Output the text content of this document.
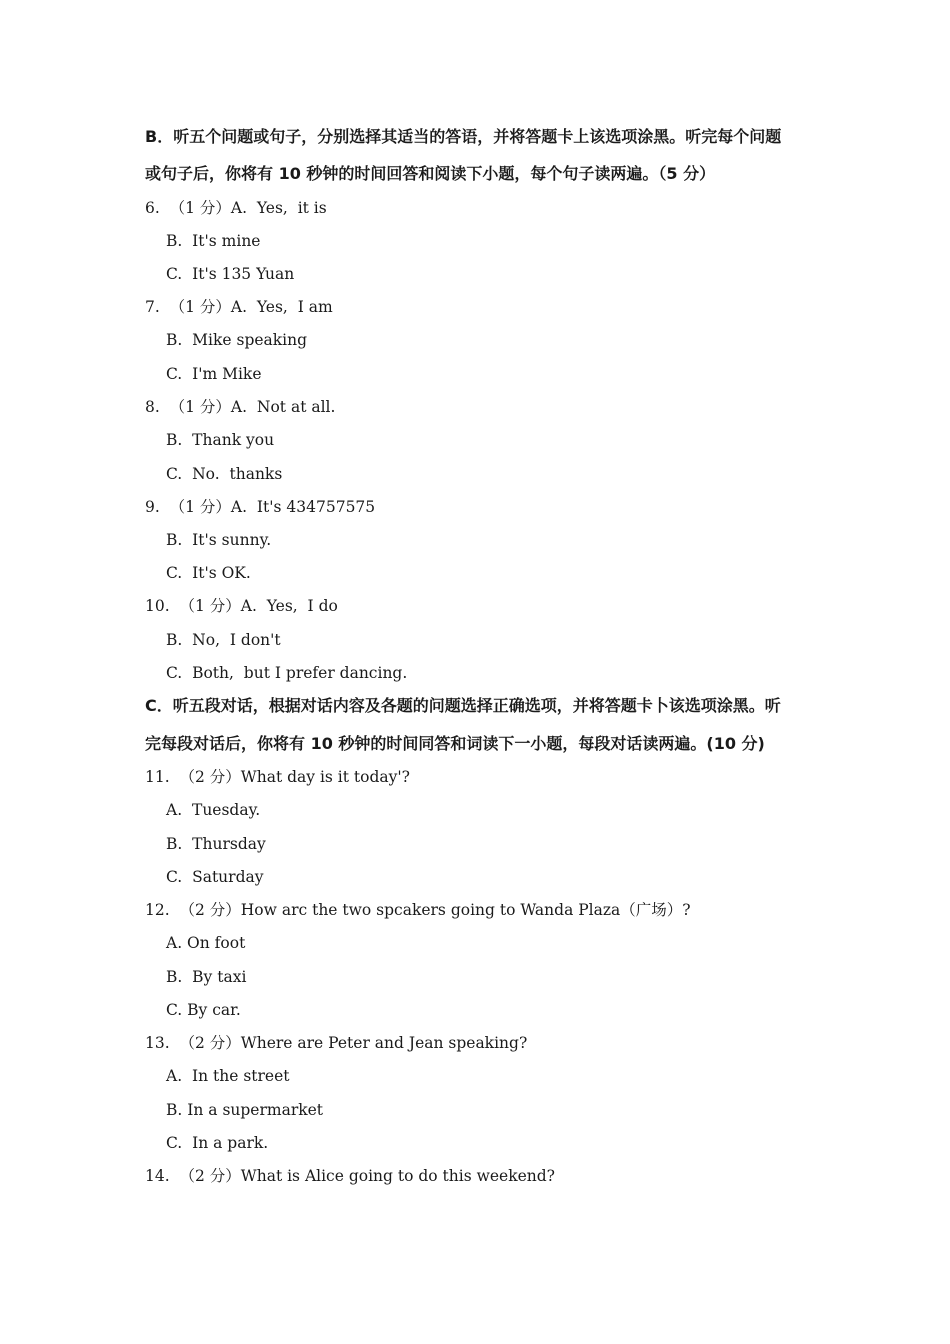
B．听五个问题或句子，分别选择其适当的答语，并将答题卡上该选项涂黑。听完每个问题
或句子后，你将有 10 秒钟的时间回答和阅读下小题，每个句子读两遍。（5 分）
6.  （1 分）A.  Yes,  it is
B.  It's mine
C.  It's 135 Yuan
7.  （1 分）A.  Yes,  I am
B.  Mike speaking
C.  I'm Mike
8.  （1 分）A.  Not at all.
B.  Thank you
C.  No.  thanks
9.  （1 分）A.  It's 434757575
B.  It's sunny.
C.  It's OK.
10.  （1 分）A.  Yes,  I do
B.  No,  I don't
C.  Both,  but I prefer dancing.
C．听五段对话，根据对话内容及各题的问题选择正确选项，并将答题卡卜该选项涂黑。听
完每段对话后，你将有 10 秒钟的时间同答和词读下一小题，每段对话读两遍。(10 分)
11.  （2 分）What day is it today'?
A.  Tuesday.
B.  Thursday
C.  Saturday
12.  （2 分）How arc the two spcakers going to Wanda Plaza（广场）?
A. On foot
B.  By taxi
C. By car.
13.  （2 分）Where are Peter and Jean speaking?
A.  In the street
B. In a supermarket
C.  In a park.
14.  （2 分）What is Alice going to do this weekend?
